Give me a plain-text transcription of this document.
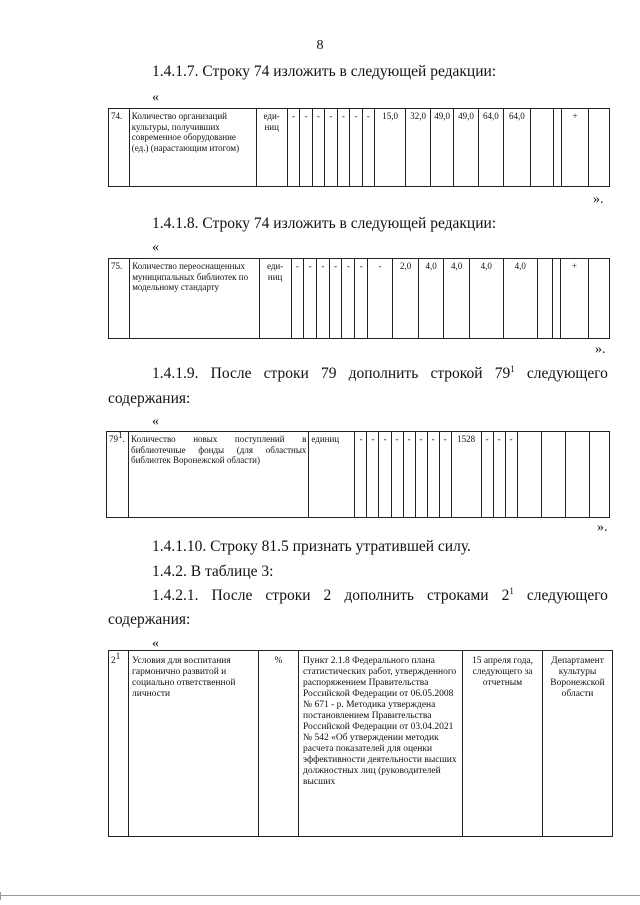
8
1.4.1.7. Строку 74 изложить в следующей редакции:
«
74.	Количество организаций культуры, получивших современное оборудование (ед.) (нарастающим итогом)	еди-ниц	-	-	-	-	-	-	-	15,0	32,0	49,0	49,0	64,0	64,0			+	
».
1.4.1.8. Строку 74 изложить в следующей редакции:
«
75.	Количество переоснащенных муниципальных библиотек по модельному стандарту	еди-ниц	-	-	-	-	-	-	-	2,0	4,0	4,0	4,0	4,0			+	
».
1.4.1.9. После строки 79 дополнить строкой $79^1$ следующего
содержания:
«
$79^1$.	Количество новых поступлений в библиотечные фонды (для областных библиотек Воронежской области)	единиц	-	-	-	-	-	-	-	-	1528	-	-	-				
».
1.4.1.10. Строку 81.5 признать утратившей силу.
1.4.2. В таблице 3:
1.4.2.1. После строки 2 дополнить строками $2^1$ следующего
содержания:
«
$2^1$	Условия для воспитания гармонично развитой и социально ответственной личности	%	Пункт 2.1.8 Федерального плана статистических работ, утвержденного распоряжением Правительства Российской Федерации от 06.05.2008 № 671 - р. Методика утверждена постановлением Правительства Российской Федерации от 03.04.2021 № 542 «Об утверждении методик расчета показателей для оценки эффективности деятельности высших должностных лиц (руководителей высших	15 апреля года, следующего за отчетным	Департамент культуры Воронежской области
